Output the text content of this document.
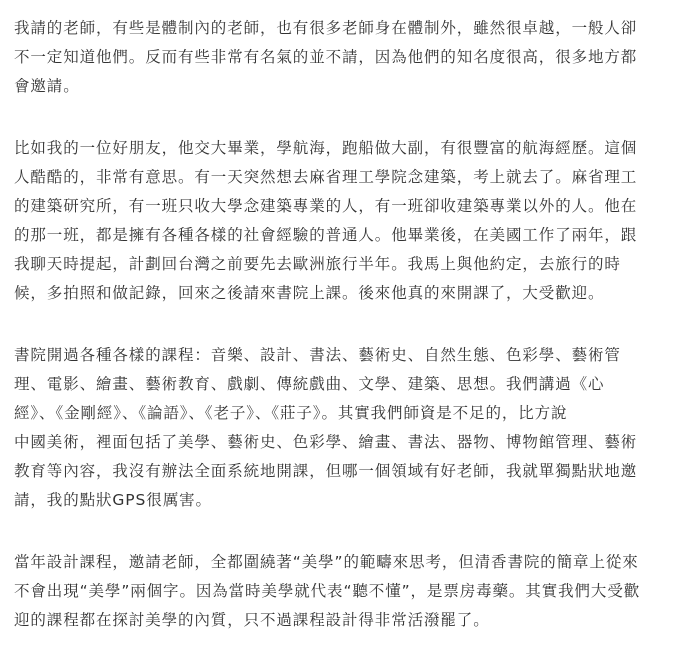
我請的老師，有些是體制內的老師，也有很多老師身在體制外，雖然很卓越，一般人卻
不一定知道他們。反而有些非常有名氣的並不請，因為他們的知名度很高，很多地方都
會邀請。
比如我的一位好朋友，他交大畢業，學航海，跑船做大副，有很豐富的航海經歷。這個
人酷酷的，非常有意思。有一天突然想去麻省理工學院念建築，考上就去了。麻省理工
的建築研究所，有一班只收大學念建築專業的人，有一班卻收建築專業以外的人。他在
的那一班，都是擁有各種各樣的社會經驗的普通人。他畢業後，在美國工作了兩年，跟
我聊天時提起，計劃回台灣之前要先去歐洲旅行半年。我馬上與他約定，去旅行的時
候，多拍照和做記錄，回來之後請來書院上課。後來他真的來開課了，大受歡迎。
書院開過各種各樣的課程：音樂、設計、書法、藝術史、自然生態、色彩學、藝術管
理、電影、繪畫、藝術教育、戲劇、傳統戲曲、文學、建築、思想。我們講過《心
經》、《金剛經》、《論語》、《老子》、《莊子》。其實我們師資是不足的，比方說
中國美術，裡面包括了美學、藝術史、色彩學、繪畫、書法、器物、博物館管理、藝術
教育等內容，我沒有辦法全面系統地開課，但哪一個領域有好老師，我就單獨點狀地邀
請，我的點狀GPS很厲害。
當年設計課程，邀請老師，全都圍繞著“美學”的範疇來思考，但清香書院的簡章上從來
不會出現“美學”兩個字。因為當時美學就代表“聽不懂”，是票房毒藥。其實我們大受歡
迎的課程都在探討美學的內質，只不過課程設計得非常活潑罷了。
